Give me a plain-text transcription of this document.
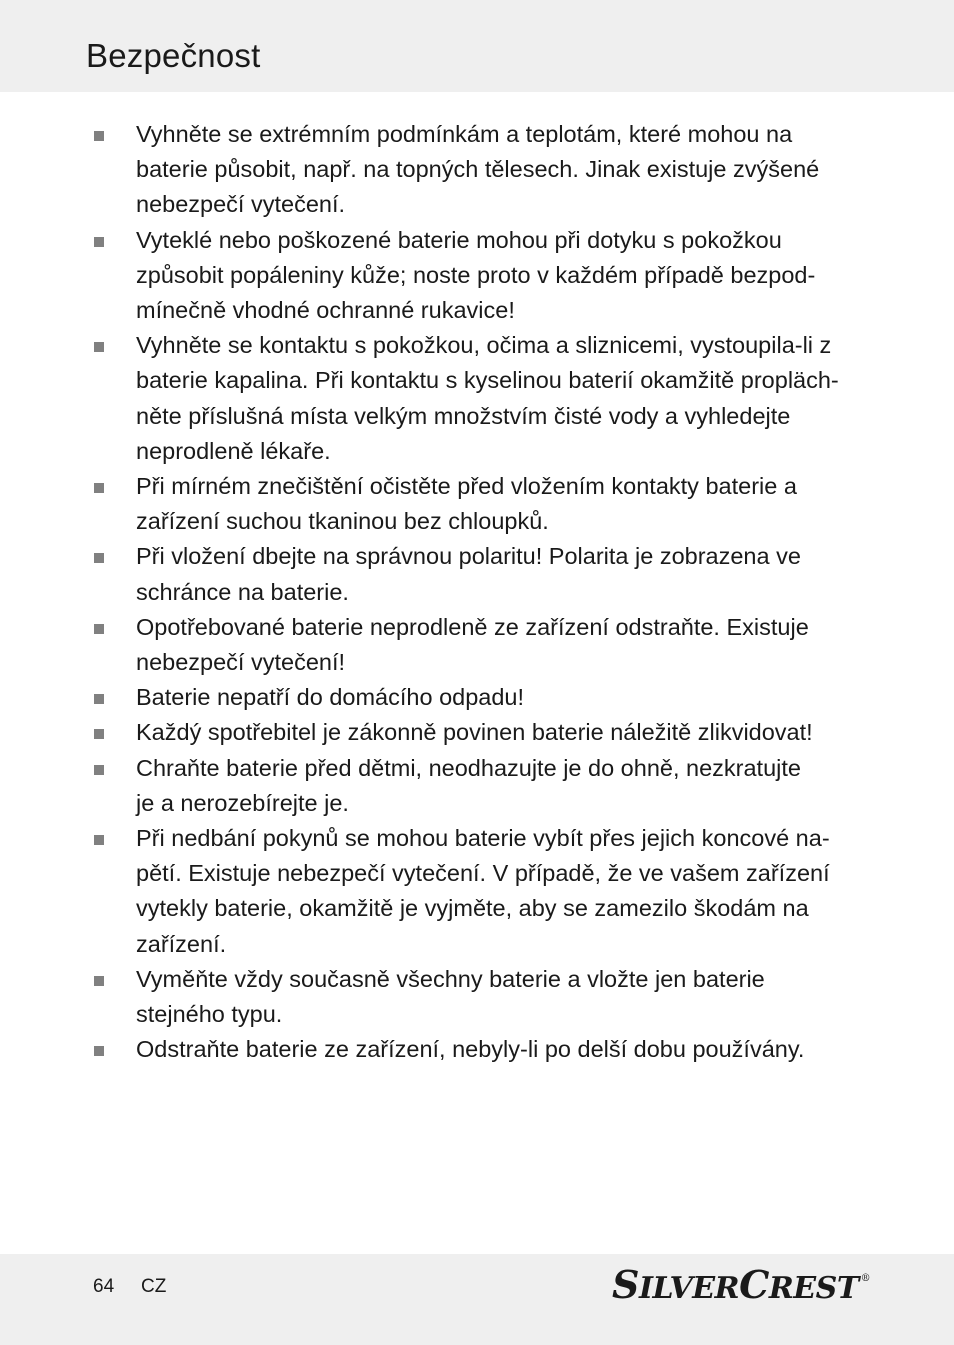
Bezpečnost
Vyhněte se extrémním podmínkám a teplotám, které mohou na
baterie působit, např. na topných tělesech. Jinak existuje zvýšené
nebezpečí vytečení.
Vyteklé nebo poškozené baterie mohou při dotyku s pokožkou
způsobit popáleniny kůže; noste proto v každém případě bezpod-
mínečně vhodné ochranné rukavice!
Vyhněte se kontaktu s pokožkou, očima a sliznicemi, vystoupila-li z
baterie kapalina. Při kontaktu s kyselinou baterií okamžitě propläch-
něte příslušná místa velkým množstvím čisté vody a vyhledejte
neprodleně lékaře.
Při mírném znečištění očistěte před vložením kontakty baterie a
zařízení suchou tkaninou bez chloupků.
Při vložení dbejte na správnou polaritu! Polarita je zobrazena ve
schránce na baterie.
Opotřebované baterie neprodleně ze zařízení odstraňte. Existuje
nebezpečí vytečení!
Baterie nepatří do domácího odpadu!
Každý spotřebitel je zákonně povinen baterie náležitě zlikvidovat!
Chraňte baterie před dětmi, neodhazujte je do ohně, nezkratujte
je a nerozebírejte je.
Při nedbání pokynů se mohou baterie vybít přes jejich koncové na-
pětí. Existuje nebezpečí vytečení. V případě, že ve vašem zařízení
vytekly baterie, okamžitě je vyjměte, aby se zamezilo škodám na
zařízení.
Vyměňte vždy současně všechny baterie a vložte jen baterie
stejného typu.
Odstraňte baterie ze zařízení, nebyly-li po delší dobu používány.
64 CZ	SILVERCREST ®
